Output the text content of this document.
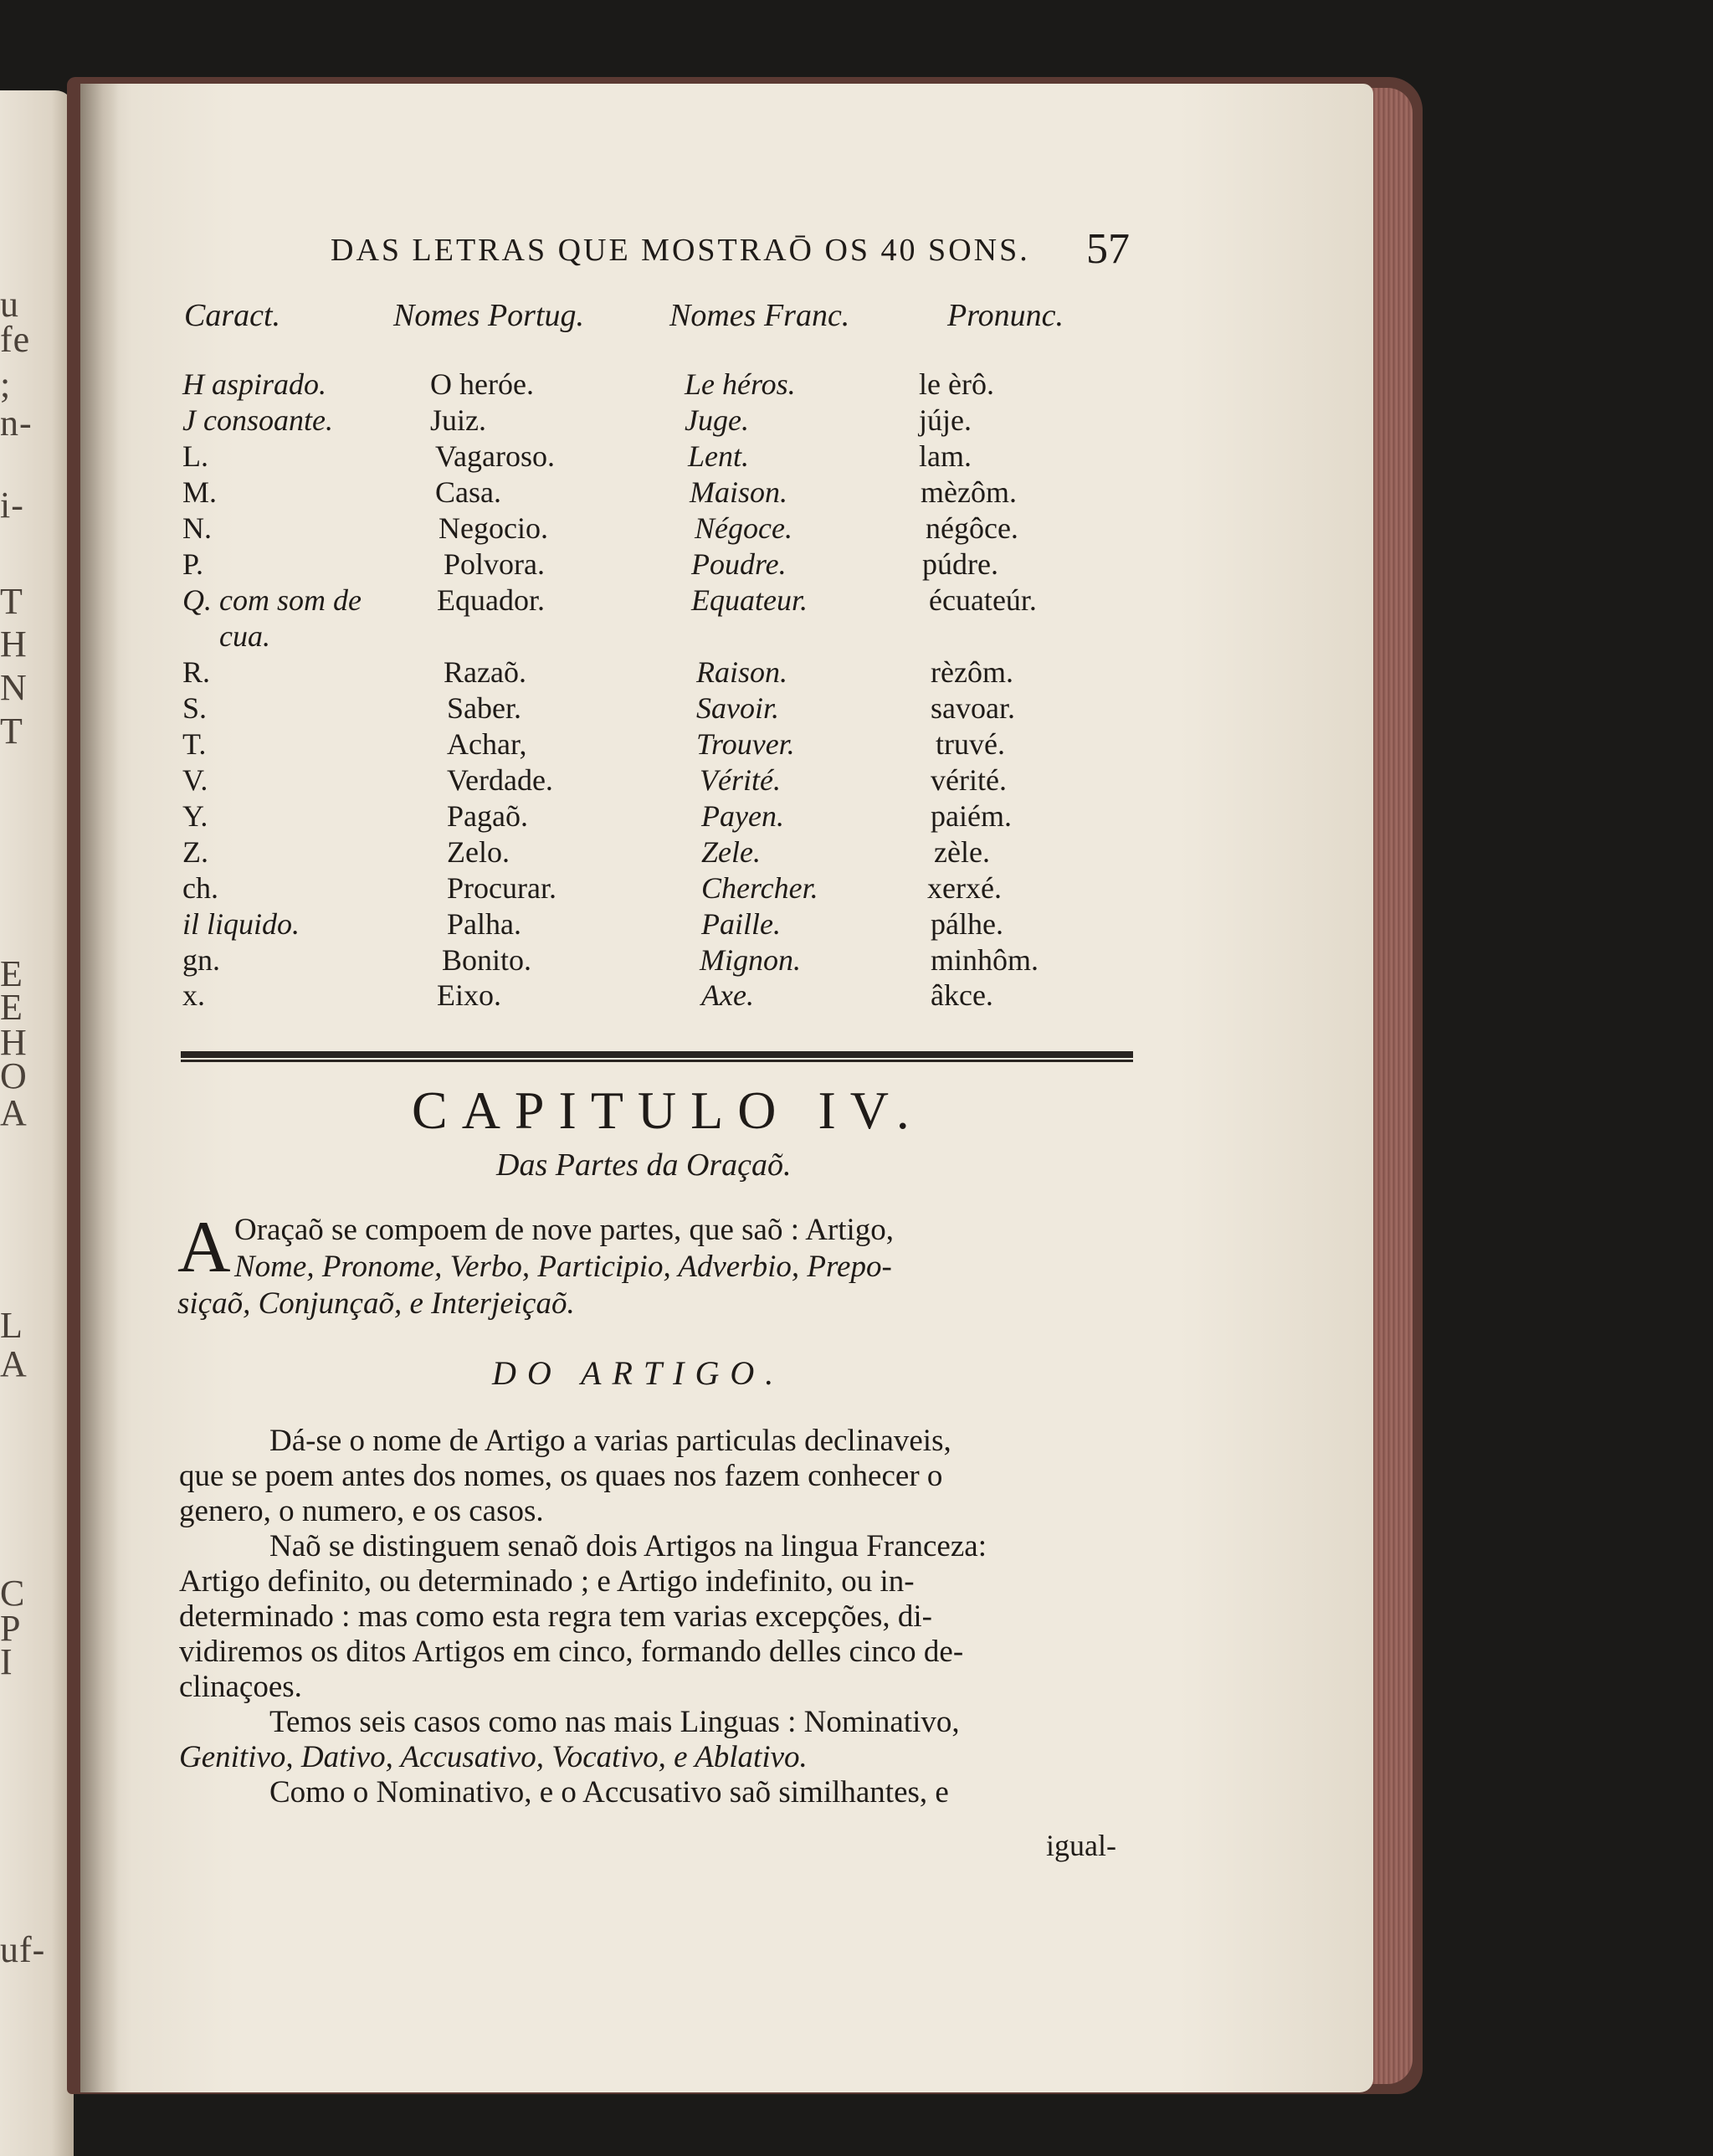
u
fe
;
n-
i-
T
H
N
T
E
E
H
O
A
L
A
C
P
I
uf-
DAS LETRAS QUE MOSTRAŌ OS 40 SONS. 57
Caract.	Nomes Portug.	Nomes Franc.	Pronunc.
H aspirado.	O heróe.	Le héros.	le èrô.
J consoante.	Juiz.	Juge.	júje.
L.	Vagaroso.	Lent.	lam.
M.	Casa.	Maison.	mèzôm.
N.	Negocio.	Négoce.	négôce.
P.	Polvora.	Poudre.	púdre.
Q. com som de	Equador.	Equateur.	écuateúr.
cua.
R.	Razaõ.	Raison.	rèzôm.
S.	Saber.	Savoir.	savoar.
T.	Achar,	Trouver.	truvé.
V.	Verdade.	Vérité.	vérité.
Y.	Pagaõ.	Payen.	paiém.
Z.	Zelo.	Zele.	zèle.
ch.	Procurar.	Chercher.	xerxé.
il liquido.	Palha.	Paille.	pálhe.
gn.	Bonito.	Mignon.	minhôm.
x.	Eixo.	Axe.	âkce.
CAPITULO IV.
Das Partes da Oraçaõ.
A Oraçaõ se compoem de nove partes, que saõ : Artigo,
Nome, Pronome, Verbo, Participio, Adverbio, Prepo-
siçaõ, Conjunçaõ, e Interjeiçaõ.
DO ARTIGO.
Dá-se o nome de Artigo a varias particulas declinaveis,
que se poem antes dos nomes, os quaes nos fazem conhecer o
genero, o numero, e os casos.
Naõ se distinguem senaõ dois Artigos na lingua Franceza:
Artigo definito, ou determinado ; e Artigo indefinito, ou in-
determinado : mas como esta regra tem varias excepções, di-
vidiremos os ditos Artigos em cinco, formando delles cinco de-
clinaçoes.
Temos seis casos como nas mais Linguas : Nominativo,
Genitivo, Dativo, Accusativo, Vocativo, e Ablativo.
Como o Nominativo, e o Accusativo saõ similhantes, e
igual-
